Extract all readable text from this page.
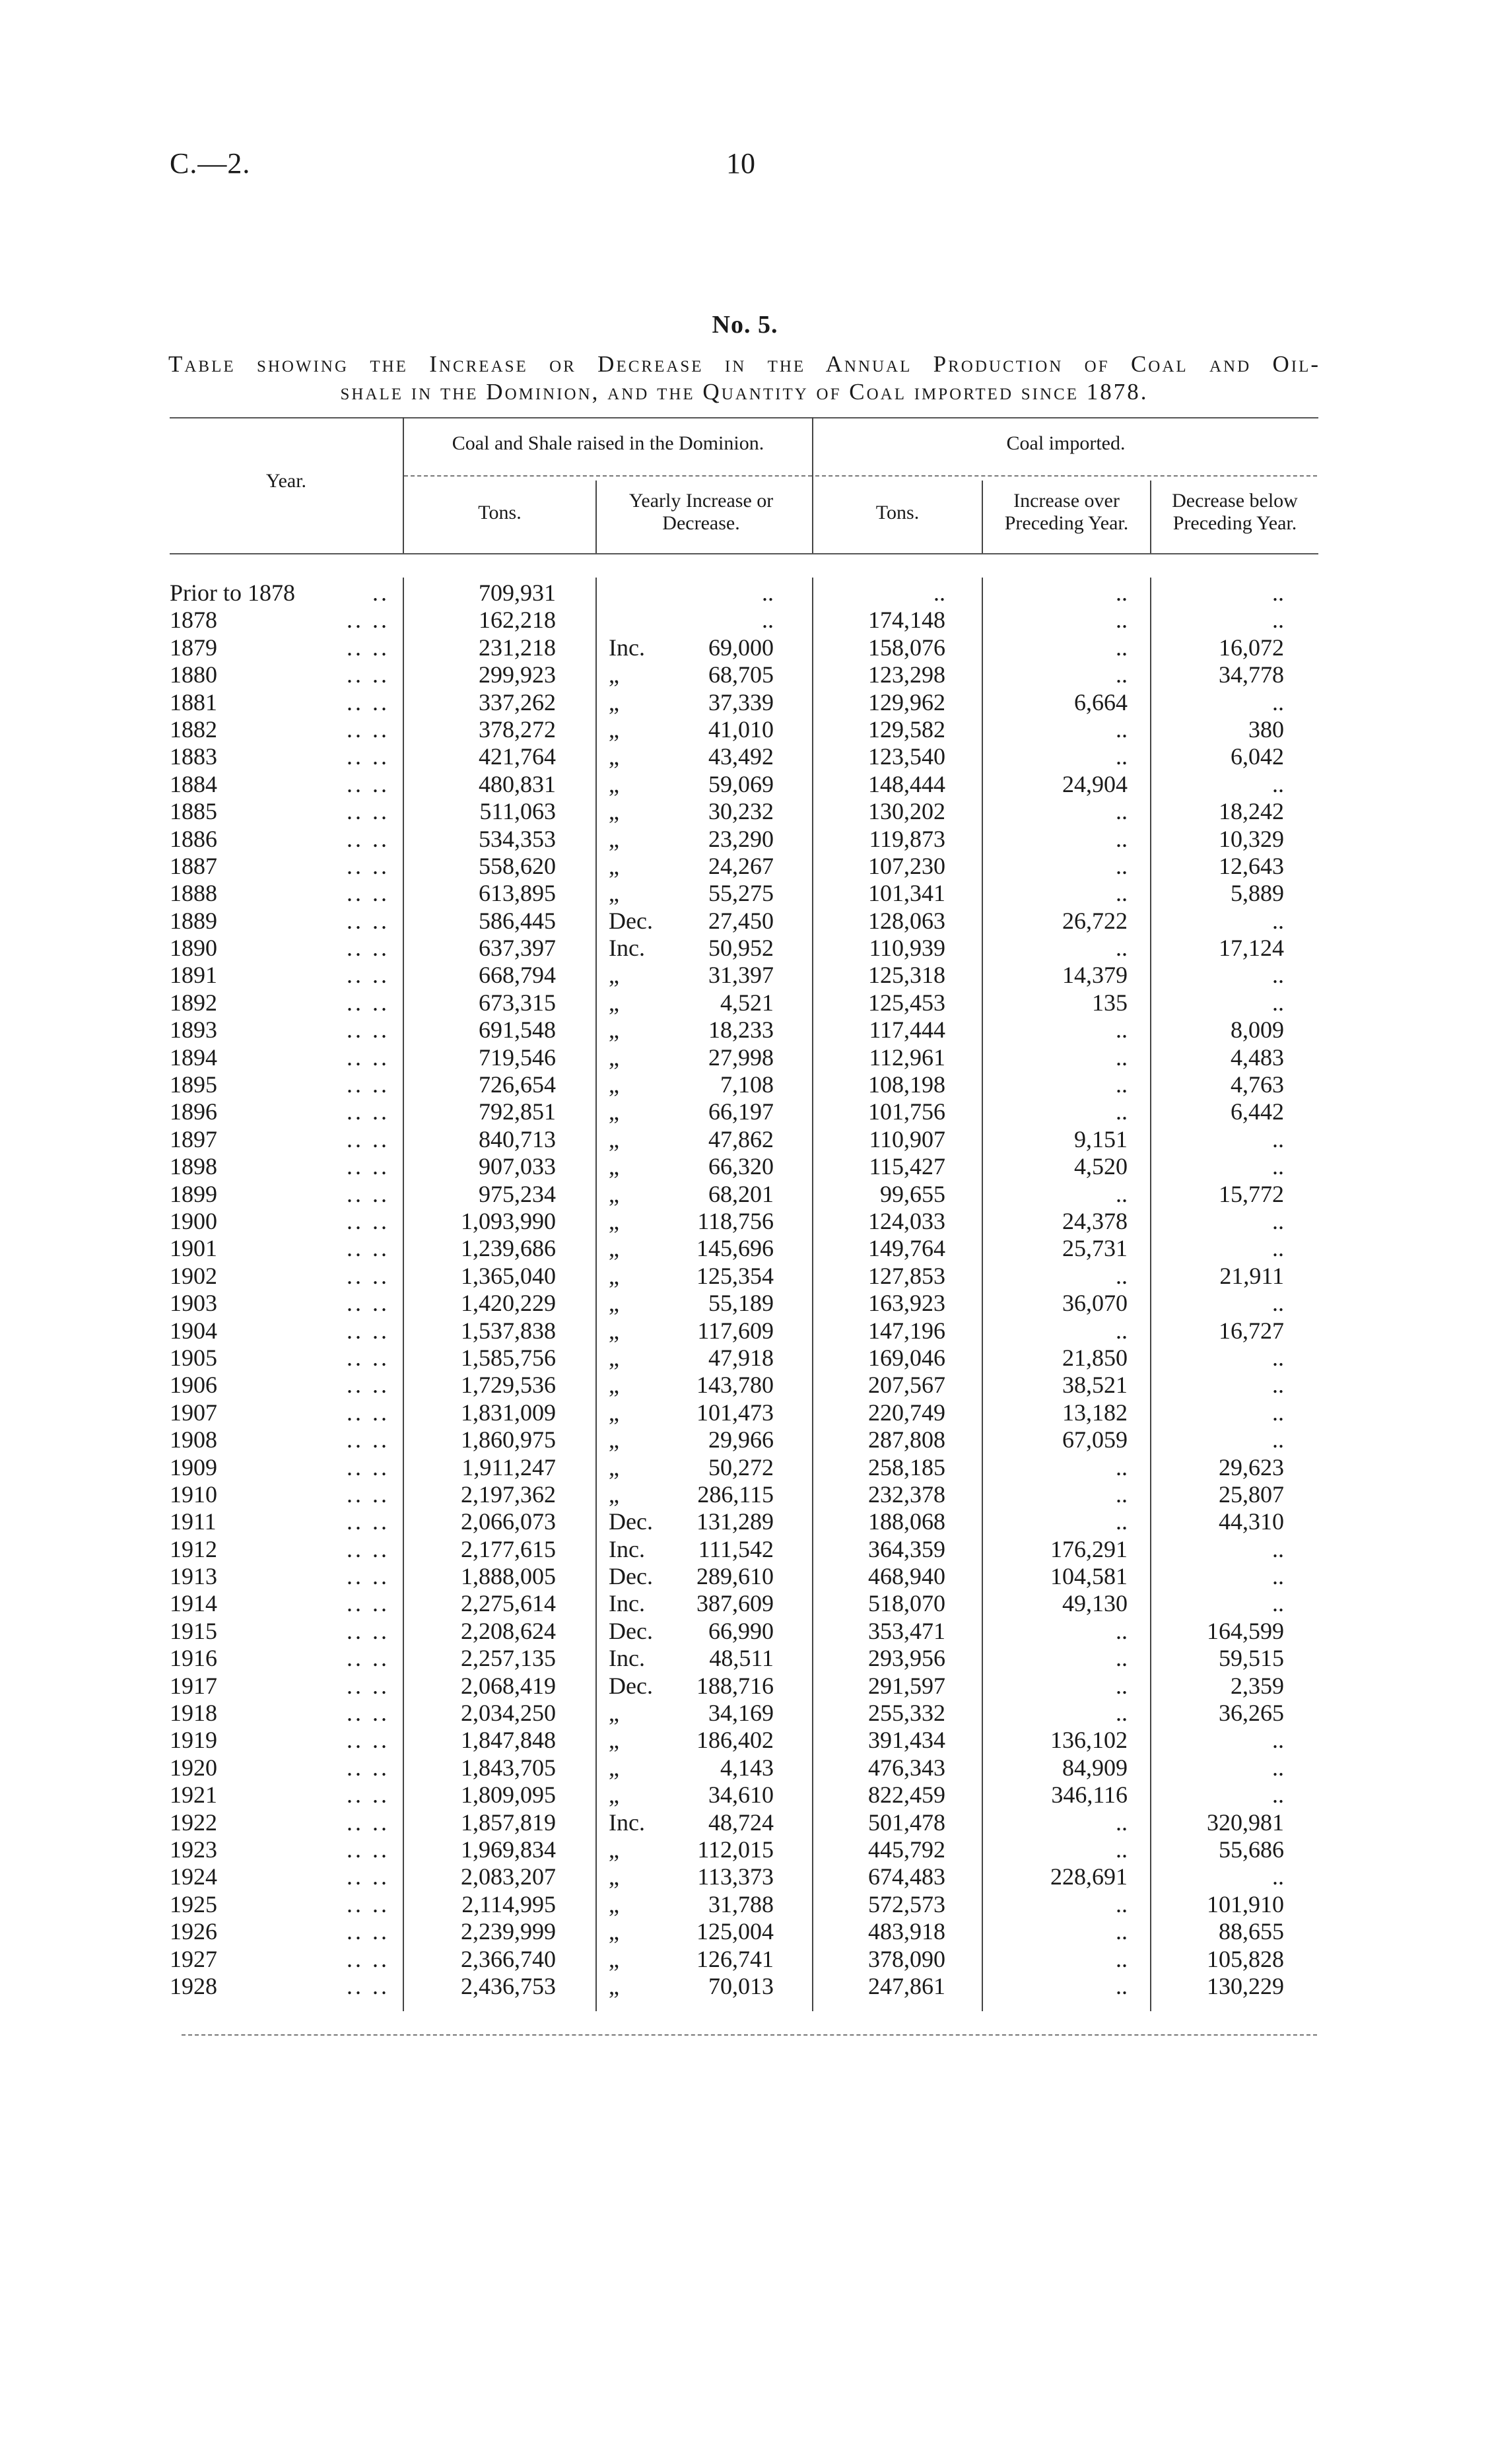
C.—2.	10
No. 5.
Table showing the Increase or Decrease in the Annual Production of Coal and Oil-
shale in the Dominion, and the Quantity of Coal imported since 1878.
Year.
Coal and Shale raised in the Dominion.	Coal imported.
Tons.
Yearly Increase or Decrease.	Tons.
Increase over Preceding Year.
Decrease below Preceding Year.
Prior to 1878	..	709,931	..	..	..	..
1878	.. ..	162,218	..	174,148	..	..
1879	.. ..	231,218 Inc.	69,000	158,076	..	16,072
1880	.. ..	299,923 „	68,705	123,298	..	34,778
1881	.. ..	337,262 „	37,339	129,962	6,664	..
1882	.. ..	378,272 „	41,010	129,582	..	380
1883	.. ..	421,764 „	43,492	123,540	..	6,042
1884	.. ..	480,831 „	59,069	148,444	24,904	..
1885	.. ..	511,063 „	30,232	130,202	..	18,242
1886	.. ..	534,353 „	23,290	119,873	..	10,329
1887	.. ..	558,620 „	24,267	107,230	..	12,643
1888	.. ..	613,895 „	55,275	101,341	..	5,889
1889	.. ..	586,445 Dec.	27,450	128,063	26,722	..
1890	.. ..	637,397 Inc.	50,952	110,939	..	17,124
1891	.. ..	668,794 „	31,397	125,318	14,379	..
1892	.. ..	673,315 „	4,521	125,453	135	..
1893	.. ..	691,548 „	18,233	117,444	..	8,009
1894	.. ..	719,546 „	27,998	112,961	..	4,483
1895	.. ..	726,654 „	7,108	108,198	..	4,763
1896	.. ..	792,851 „	66,197	101,756	..	6,442
1897	.. ..	840,713 „	47,862	110,907	9,151	..
1898	.. ..	907,033 „	66,320	115,427	4,520	..
1899	.. ..	975,234 „	68,201	99,655	..	15,772
1900	.. ..	1,093,990 „	118,756	124,033	24,378	..
1901	.. ..	1,239,686 „	145,696	149,764	25,731	..
1902	.. ..	1,365,040 „	125,354	127,853	..	21,911
1903	.. ..	1,420,229 „	55,189	163,923	36,070	..
1904	.. ..	1,537,838 „	117,609	147,196	..	16,727
1905	.. ..	1,585,756 „	47,918	169,046	21,850	..
1906	.. ..	1,729,536 „	143,780	207,567	38,521	..
1907	.. ..	1,831,009 „	101,473	220,749	13,182	..
1908	.. ..	1,860,975 „	29,966	287,808	67,059	..
1909	.. ..	1,911,247 „	50,272	258,185	..	29,623
1910	.. ..	2,197,362 „	286,115	232,378	..	25,807
1911	.. ..	2,066,073 Dec.	131,289	188,068	..	44,310
1912	.. ..	2,177,615 Inc.	111,542	364,359	176,291	..
1913	.. ..	1,888,005 Dec.	289,610	468,940	104,581	..
1914	.. ..	2,275,614 Inc.	387,609	518,070	49,130	..
1915	.. ..	2,208,624 Dec.	66,990	353,471	..	164,599
1916	.. ..	2,257,135 Inc.	48,511	293,956	..	59,515
1917	.. ..	2,068,419 Dec.	188,716	291,597	..	2,359
1918	.. ..	2,034,250 „	34,169	255,332	..	36,265
1919	.. ..	1,847,848 „	186,402	391,434	136,102	..
1920	.. ..	1,843,705 „	4,143	476,343	84,909	..
1921	.. ..	1,809,095 „	34,610	822,459	346,116	..
1922	.. ..	1,857,819 Inc.	48,724	501,478	..	320,981
1923	.. ..	1,969,834 „	112,015	445,792	..	55,686
1924	.. ..	2,083,207 „	113,373	674,483	228,691	..
1925	.. ..	2,114,995 „	31,788	572,573	..	101,910
1926	.. ..	2,239,999 „	125,004	483,918	..	88,655
1927	.. ..	2,366,740 „	126,741	378,090	..	105,828
1928	.. ..	2,436,753 „	70,013	247,861	..	130,229
